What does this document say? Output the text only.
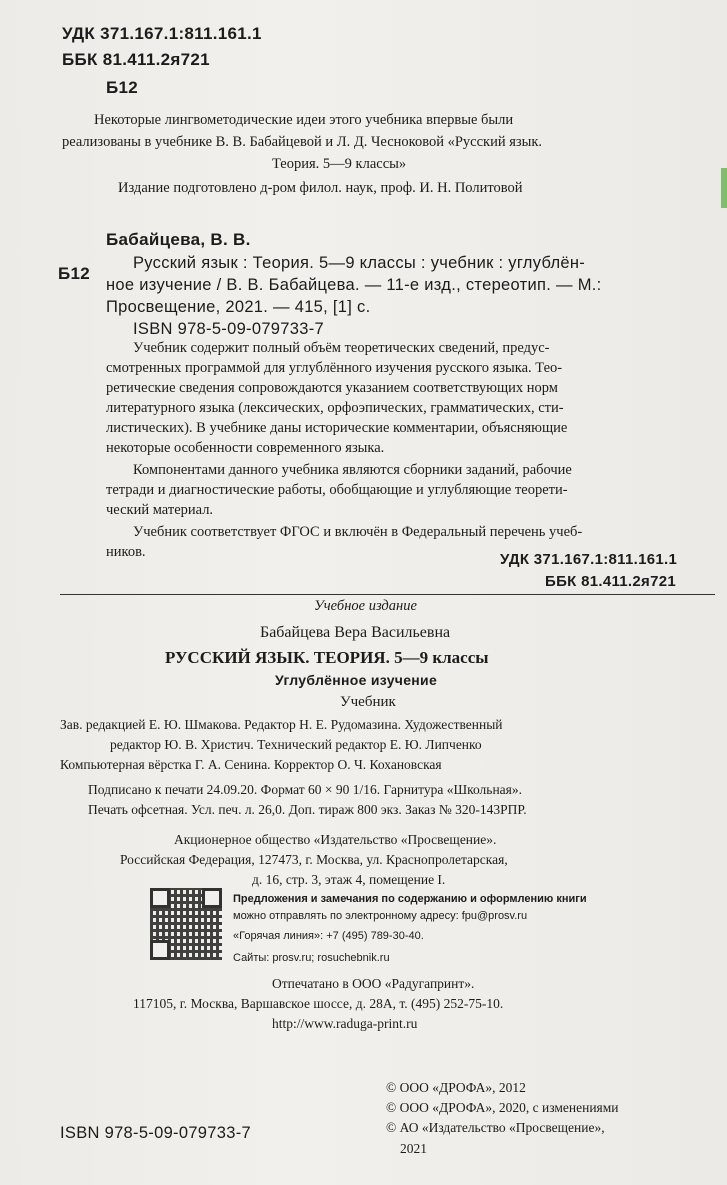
УДК 371.167.1:811.161.1
ББК 81.411.2я721
Б12
Некоторые лингвометодические идеи этого учебника впервые были
реализованы в учебнике В. В. Бабайцевой и Л. Д. Чесноковой «Русский язык.
Теория. 5—9 классы»
Издание подготовлено д-ром филол. наук, проф. И. Н. Политовой
Бабайцева, В. В.
Б12
Русский язык : Теория. 5—9 классы : учебник : углублён-
ное изучение / В. В. Бабайцева. — 11-е изд., стереотип. — М.:
Просвещение, 2021. — 415, [1] с.
ISBN 978-5-09-079733-7
Учебник содержит полный объём теоретических сведений, предус-
смотренных программой для углублённого изучения русского языка. Тео-
ретические сведения сопровождаются указанием соответствующих норм
литературного языка (лексических, орфоэпических, грамматических, сти-
листических). В учебнике даны исторические комментарии, объясняющие
некоторые особенности современного языка.
Компонентами данного учебника являются сборники заданий, рабочие
тетради и диагностические работы, обобщающие и углубляющие теорети-
ческий материал.
Учебник соответствует ФГОС и включён в Федеральный перечень учеб-
ников.	УДК 371.167.1:811.161.1
ББК 81.411.2я721
Учебное издание
Бабайцева Вера Васильевна
РУССКИЙ ЯЗЫК. ТЕОРИЯ. 5—9 классы
Углублённое изучение
Учебник
Зав. редакцией Е. Ю. Шмакова. Редактор Н. Е. Рудомазина. Художественный
редактор Ю. В. Христич. Технический редактор Е. Ю. Липченко
Компьютерная вёрстка Г. А. Сенина. Корректор О. Ч. Кохановская
Подписано к печати 24.09.20. Формат 60 × 90 1/16. Гарнитура «Школьная».
Печать офсетная. Усл. печ. л. 26,0. Доп. тираж 800 экз. Заказ № 320-143РПР.
Акционерное общество «Издательство «Просвещение».
Российская Федерация, 127473, г. Москва, ул. Краснопролетарская,
д. 16, стр. 3, этаж 4, помещение I.
Предложения и замечания по содержанию и оформлению книги
можно отправлять по электронному адресу: fpu@prosv.ru
«Горячая линия»: +7 (495) 789-30-40.
Сайты: prosv.ru; rosuchebnik.ru
Отпечатано в ООО «Радугапринт».
117105, г. Москва, Варшавское шоссе, д. 28А, т. (495) 252-75-10.
http://www.raduga-print.ru
© ООО «ДРОФА», 2012
© ООО «ДРОФА», 2020, с изменениями
© АО «Издательство «Просвещение»,
2021
ISBN 978-5-09-079733-7
